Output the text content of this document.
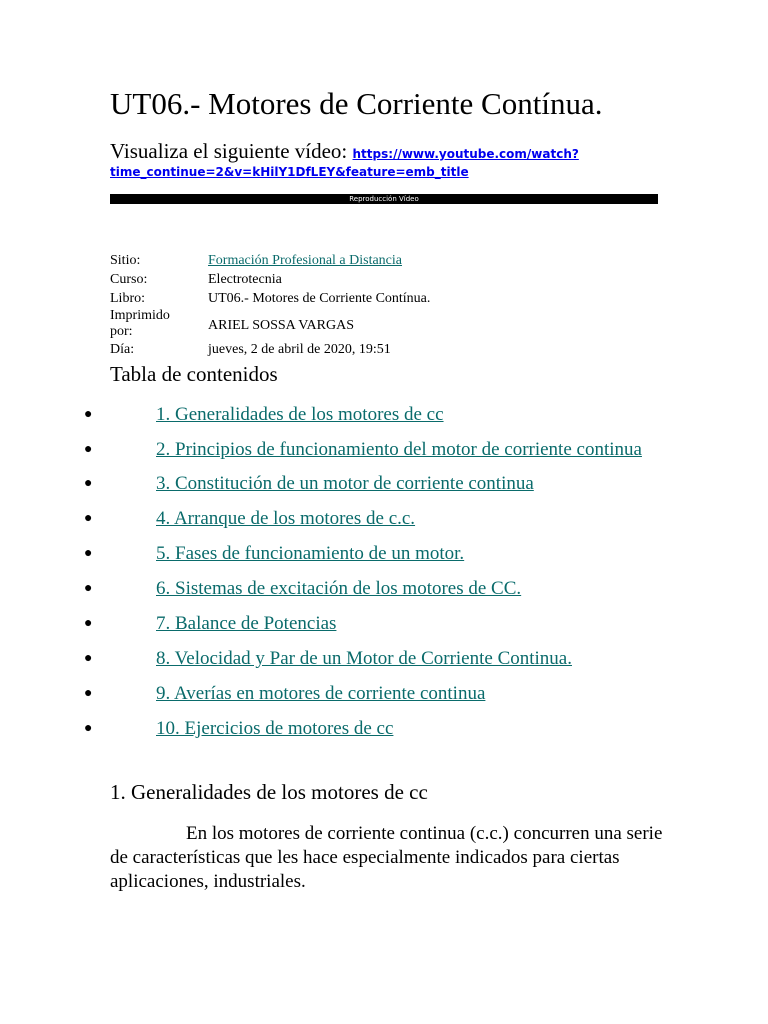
UT06.- Motores de Corriente Contínua.
Visualiza el siguiente vídeo: https://www.youtube.com/watch?
time_continue=2&v=kHilY1DfLEY&feature=emb_title
Reproducción Vídeo
Sitio:	Formación Profesional a Distancia
Curso:	Electrotecnia
Libro:	UT06.- Motores de Corriente Contínua.
Imprimido por:	ARIEL SOSSA VARGAS
Día:	jueves, 2 de abril de 2020, 19:51
Tabla de contenidos
●	1. Generalidades de los motores de cc
●	2. Principios de funcionamiento del motor de corriente continua
●	3. Constitución de un motor de corriente continua
●	4. Arranque de los motores de c.c.
●	5. Fases de funcionamiento de un motor.
●	6. Sistemas de excitación de los motores de CC.
●	7. Balance de Potencias
●	8. Velocidad y Par de un Motor de Corriente Continua.
●	9. Averías en motores de corriente continua
●	10. Ejercicios de motores de cc
1. Generalidades de los motores de cc

En los motores de corriente continua (c.c.) concurren una serie de características que les hace especialmente indicados para ciertas aplicaciones, industriales.
